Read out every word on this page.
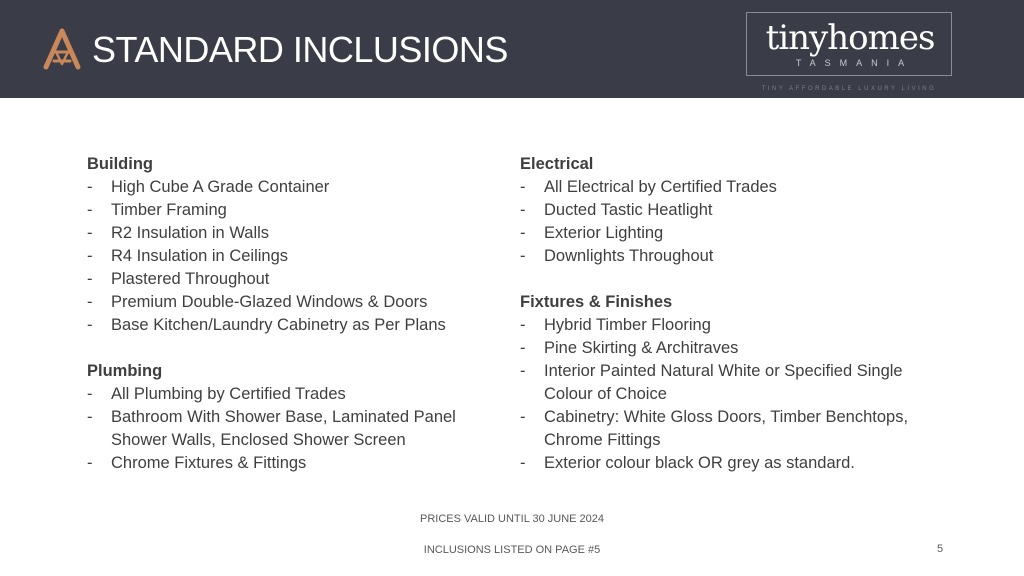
STANDARD INCLUSIONS	tinyhomes
TASMANIA
TINY AFFORDABLE LUXURY LIVING
Building
- High Cube A Grade Container
- Timber Framing
- R2 Insulation in Walls
- R4 Insulation in Ceilings
- Plastered Throughout
- Premium Double-Glazed Windows & Doors
- Base Kitchen/Laundry Cabinetry as Per Plans
Plumbing
- All Plumbing by Certified Trades
- Bathroom With Shower Base, Laminated Panel Shower Walls, Enclosed Shower Screen
- Chrome Fixtures & Fittings
Electrical
- All Electrical by Certified Trades
- Ducted Tastic Heatlight
- Exterior Lighting
- Downlights Throughout
Fixtures & Finishes
- Hybrid Timber Flooring
- Pine Skirting & Architraves
- Interior Painted Natural White or Specified Single Colour of Choice
- Cabinetry: White Gloss Doors, Timber Benchtops, Chrome Fittings
- Exterior colour black OR grey as standard.
PRICES VALID UNTIL 30 JUNE 2024
INCLUSIONS LISTED ON PAGE #5	5
